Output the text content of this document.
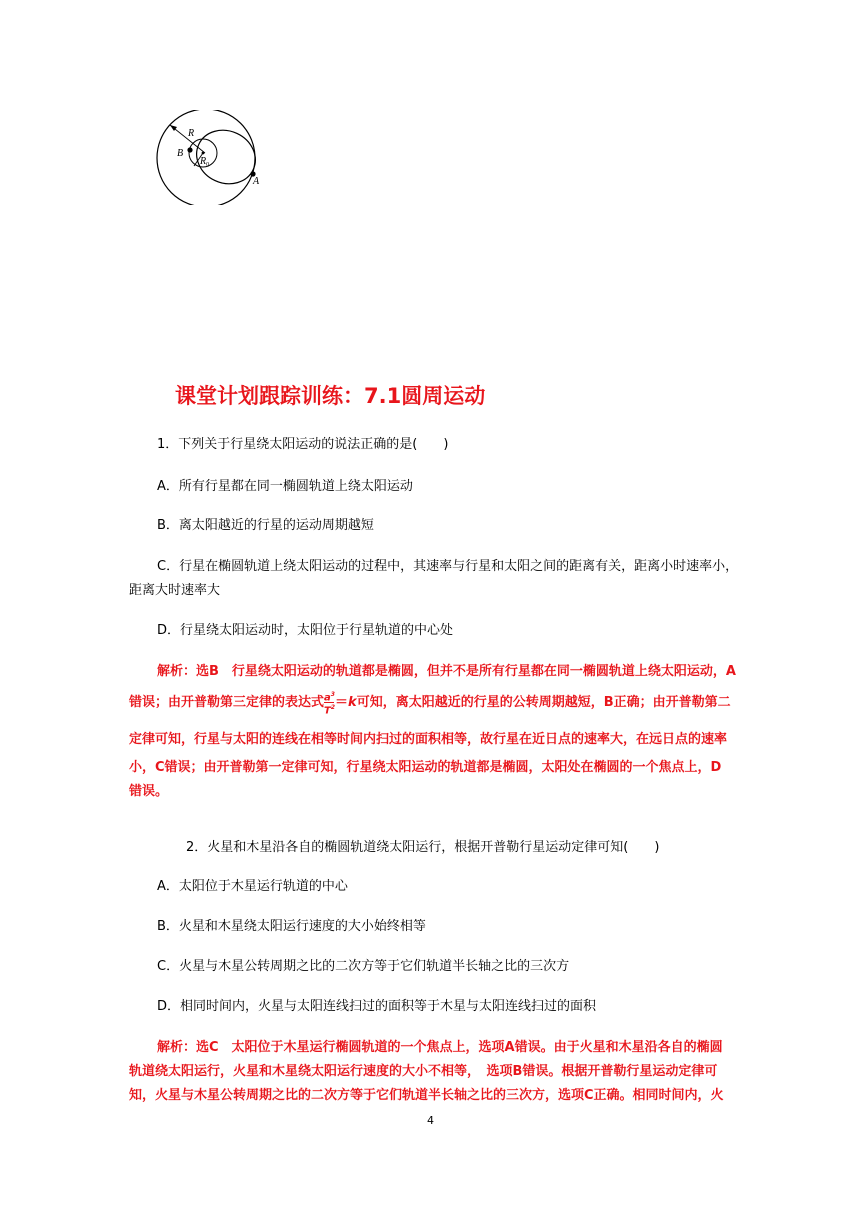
R
B
$R_0$
A
课堂计划跟踪训练：7.1圆周运动
1．下列关于行星绕太阳运动的说法正确的是(　　)
A．所有行星都在同一椭圆轨道上绕太阳运动
B．离太阳越近的行星的运动周期越短
C．行星在椭圆轨道上绕太阳运动的过程中，其速率与行星和太阳之间的距离有关，距离小时速率小，
距离大时速率大
D．行星绕太阳运动时，太阳位于行星轨道的中心处
解析：选B　行星绕太阳运动的轨道都是椭圆，但并不是所有行星都在同一椭圆轨道上绕太阳运动，A
错误；由开普勒第三定律的表达式 $\frac{a^3}{T^2} =k$可知，离太阳越近的行星的公转周期越短，B正确；由开普勒第二
定律可知，行星与太阳的连线在相等时间内扫过的面积相等，故行星在近日点的速率大，在远日点的速率
小，C错误；由开普勒第一定律可知，行星绕太阳运动的轨道都是椭圆，太阳处在椭圆的一个焦点上，D
错误。
2．火星和木星沿各自的椭圆轨道绕太阳运行，根据开普勒行星运动定律可知(　　)
A．太阳位于木星运行轨道的中心
B．火星和木星绕太阳运行速度的大小始终相等
C．火星与木星公转周期之比的二次方等于它们轨道半长轴之比的三次方
D．相同时间内，火星与太阳连线扫过的面积等于木星与太阳连线扫过的面积
解析：选C　太阳位于木星运行椭圆轨道的一个焦点上，选项A错误。由于火星和木星沿各自的椭圆
轨道绕太阳运行，火星和木星绕太阳运行速度的大小不相等，　选项B错误。根据开普勒行星运动定律可
知，火星与木星公转周期之比的二次方等于它们轨道半长轴之比的三次方，选项C正确。相同时间内，火
4
